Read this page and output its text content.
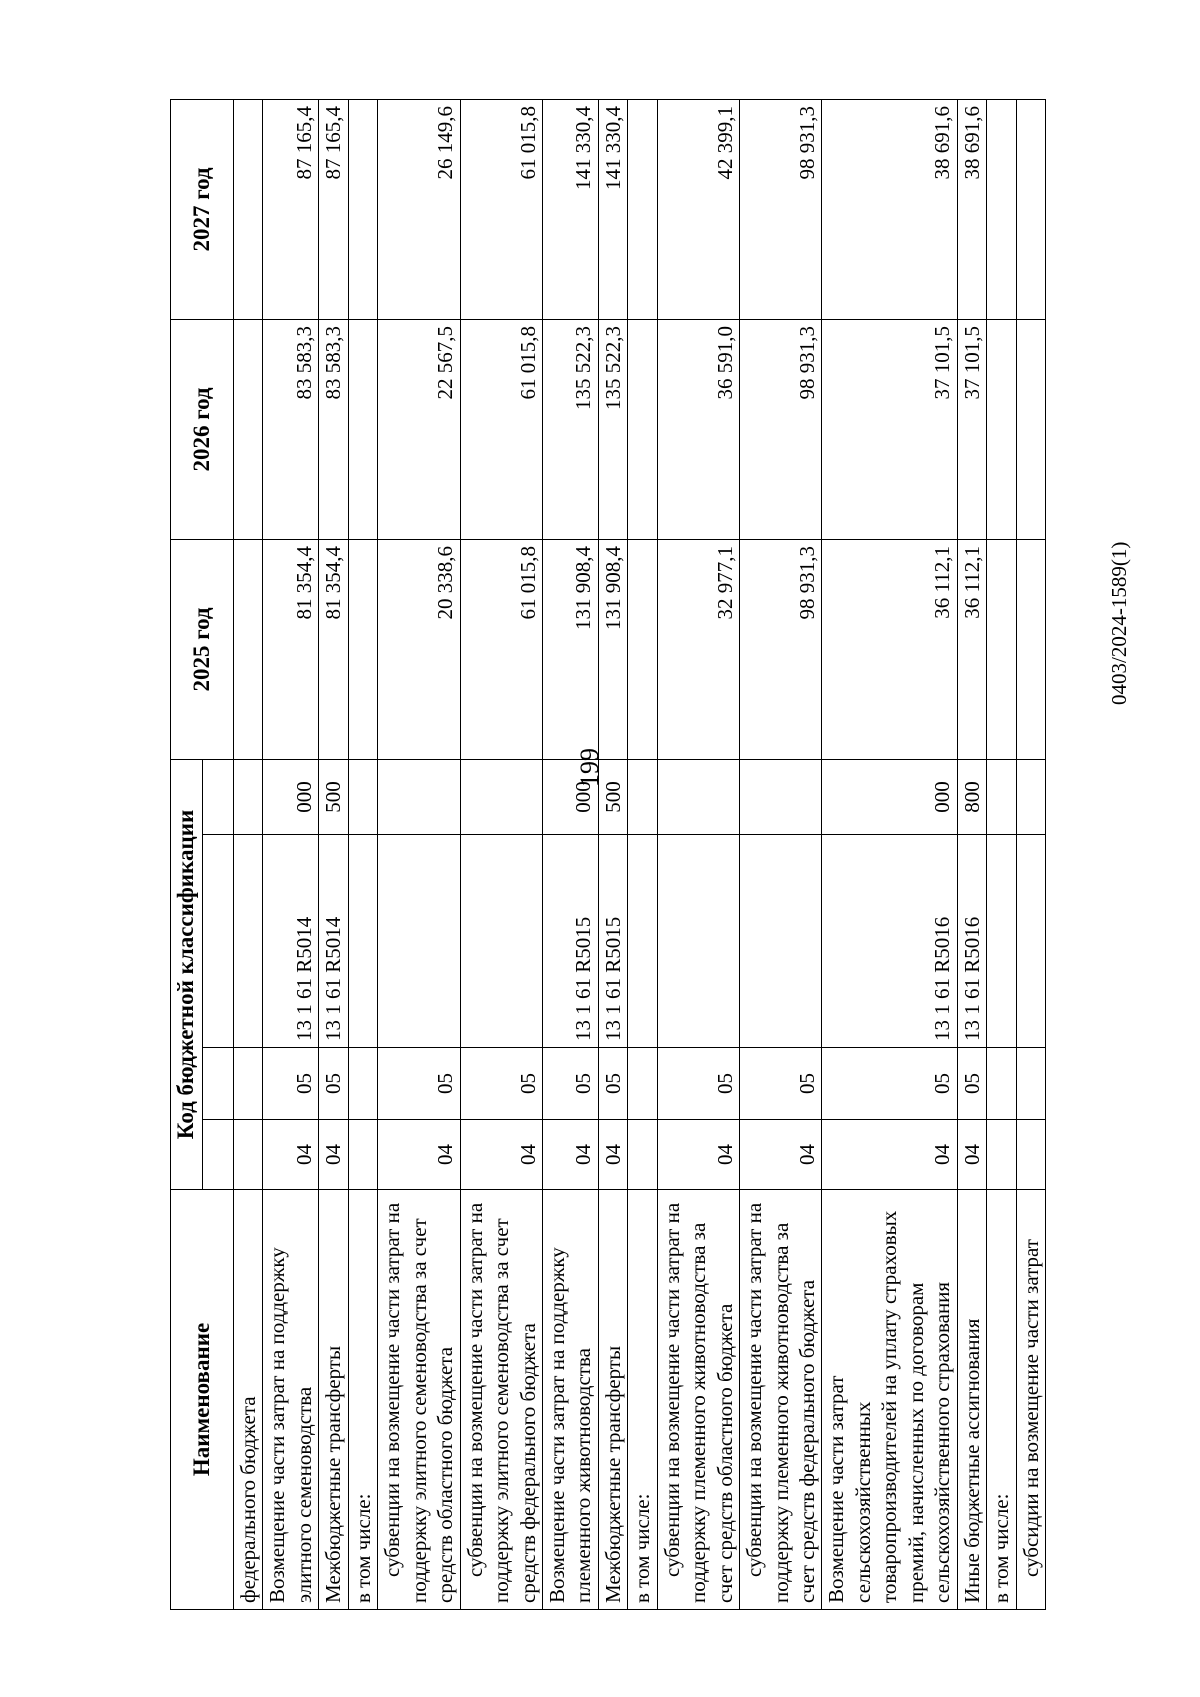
199
0403/2024-1589(1)
Наименование	Код бюджетной классификации				2025 год	2026 год	2027 год

федерального бюджета							
Возмещение части затрат на поддержку элитного семеноводства	04	05	13 1 61 R5014	000	81 354,4	83 583,3	87 165,4
Межбюджетные трансферты	04	05	13 1 61 R5014	500	81 354,4	83 583,3	87 165,4
в том числе:							
субвенции на возмещение части затрат на поддержку элитного семеноводства за счет средств областного бюджета	04	05			20 338,6	22 567,5	26 149,6
субвенции на возмещение части затрат на поддержку элитного семеноводства за счет средств федерального бюджета	04	05			61 015,8	61 015,8	61 015,8
Возмещение части затрат на поддержку племенного животноводства	04	05	13 1 61 R5015	000	131 908,4	135 522,3	141 330,4
Межбюджетные трансферты	04	05	13 1 61 R5015	500	131 908,4	135 522,3	141 330,4
в том числе:							
субвенции на возмещение части затрат на поддержку племенного животноводства за счет средств областного бюджета	04	05			32 977,1	36 591,0	42 399,1
субвенции на возмещение части затрат на поддержку племенного животноводства за счет средств федерального бюджета	04	05			98 931,3	98 931,3	98 931,3
Возмещение части затрат сельскохозяйственных товаропроизводителей на уплату страховых премий, начисленных по договорам сельскохозяйственного страхования	04	05	13 1 61 R5016	000	36 112,1	37 101,5	38 691,6
Иные бюджетные ассигнования	04	05	13 1 61 R5016	800	36 112,1	37 101,5	38 691,6
в том числе:							
субсидии на возмещение части затрат							
